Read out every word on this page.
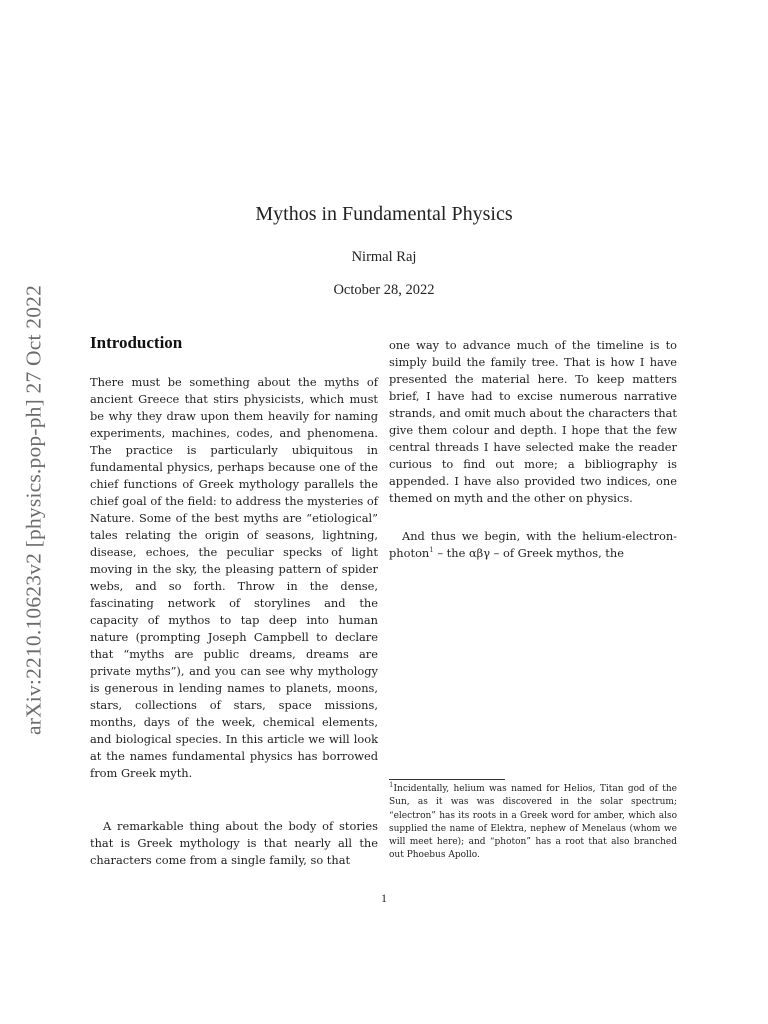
arXiv:2210.10623v2 [physics.pop-ph] 27 Oct 2022
Mythos in Fundamental Physics
Nirmal Raj
October 28, 2022
Introduction

There must be something about the myths of ancient Greece that stirs physicists, which must be why they draw upon them heavily for naming experiments, machines, codes, and phenomena. The practice is particularly ubiquitous in fundamental physics, perhaps because one of the chief functions of Greek mythology parallels the chief goal of the field: to address the mysteries of Nature. Some of the best myths are “etiological” tales relating the origin of seasons, lightning, disease, echoes, the peculiar specks of light moving in the sky, the pleasing pattern of spider webs, and so forth. Throw in the dense, fascinating network of storylines and the capacity of mythos to tap deep into human nature (prompting Joseph Campbell to declare that “myths are public dreams, dreams are private myths”), and you can see why mythology is generous in lending names to planets, moons, stars, collections of stars, space missions, months, days of the week, chemical elements, and biological species. In this article we will look at the names fundamental physics has borrowed from Greek myth.

A remarkable thing about the body of stories that is Greek mythology is that nearly all the characters come from a single family, so that

one way to advance much of the timeline is to simply build the family tree. That is how I have presented the material here. To keep matters brief, I have had to excise numerous narrative strands, and omit much about the characters that give them colour and depth. I hope that the few central threads I have selected make the reader curious to find out more; a bibliography is appended. I have also provided two indices, one themed on myth and the other on physics.

And thus we begin, with the helium-electron-photon$^1$ – the αβγ – of Greek mythos, the

$^1$Incidentally, helium was named for Helios, Titan god of the Sun, as it was was discovered in the solar spectrum; “electron” has its roots in a Greek word for amber, which also supplied the name of Elektra, nephew of Menelaus (whom we will meet here); and “photon” has a root that also branched out Phoebus Apollo.

1
